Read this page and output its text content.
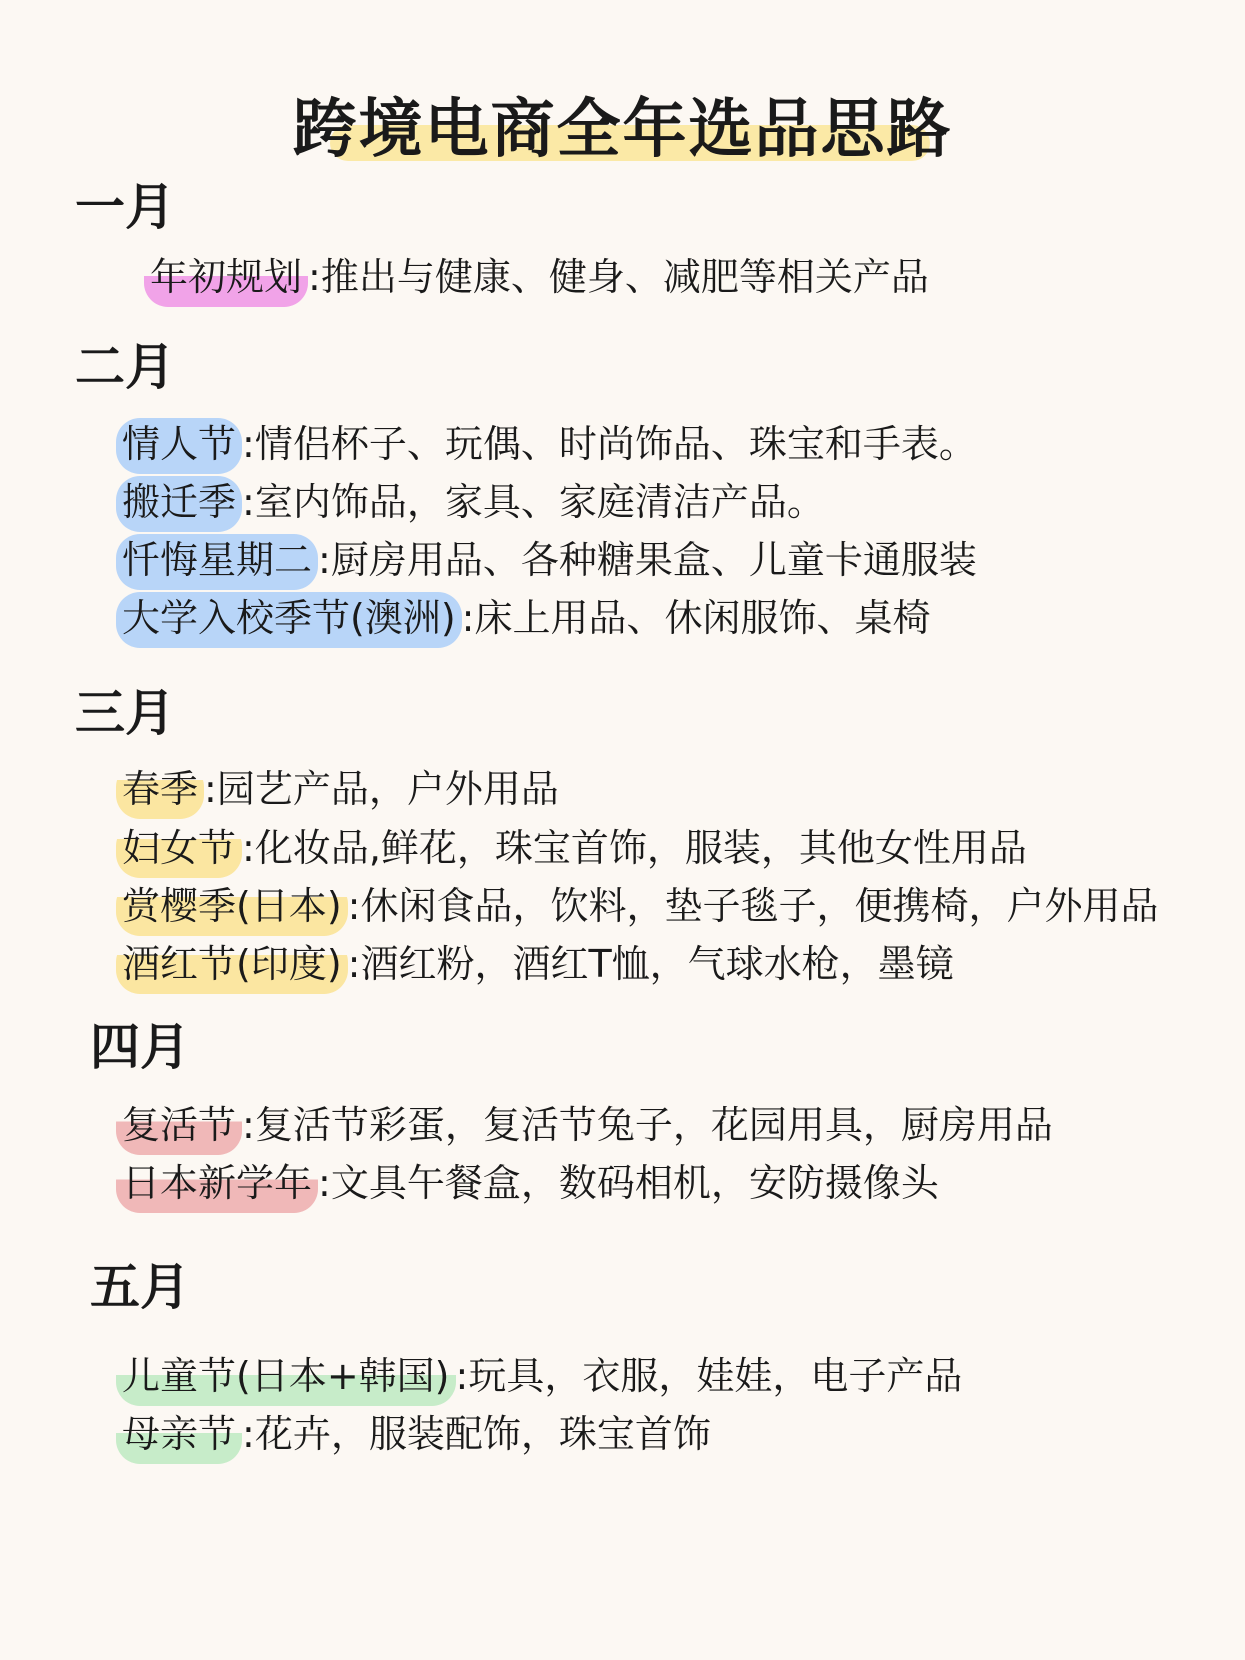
跨境电商全年选品思路
一月
年初规划 :推出与健康、健身、减肥等相关产品
二月
情人节 :情侣杯子、玩偶、时尚饰品、珠宝和手表。
搬迁季 :室内饰品，家具、家庭清洁产品。
忏悔星期二 :厨房用品、各种糖果盒、儿童卡通服装
大学入校季节(澳洲) :床上用品、休闲服饰、桌椅
三月
春季 :园艺产品，户外用品
妇女节 :化妆品,鲜花，珠宝首饰，服装，其他女性用品
赏樱季(日本) :休闲食品，饮料，垫子毯子，便携椅，户外用品
酒红节(印度) :酒红粉，酒红T恤，气球水枪，墨镜
四月
复活节 :复活节彩蛋，复活节兔子，花园用具，厨房用品
日本新学年 :文具午餐盒，数码相机，安防摄像头
五月
儿童节(日本+韩国) :玩具，衣服，娃娃，电子产品
母亲节 :花卉，服装配饰，珠宝首饰
